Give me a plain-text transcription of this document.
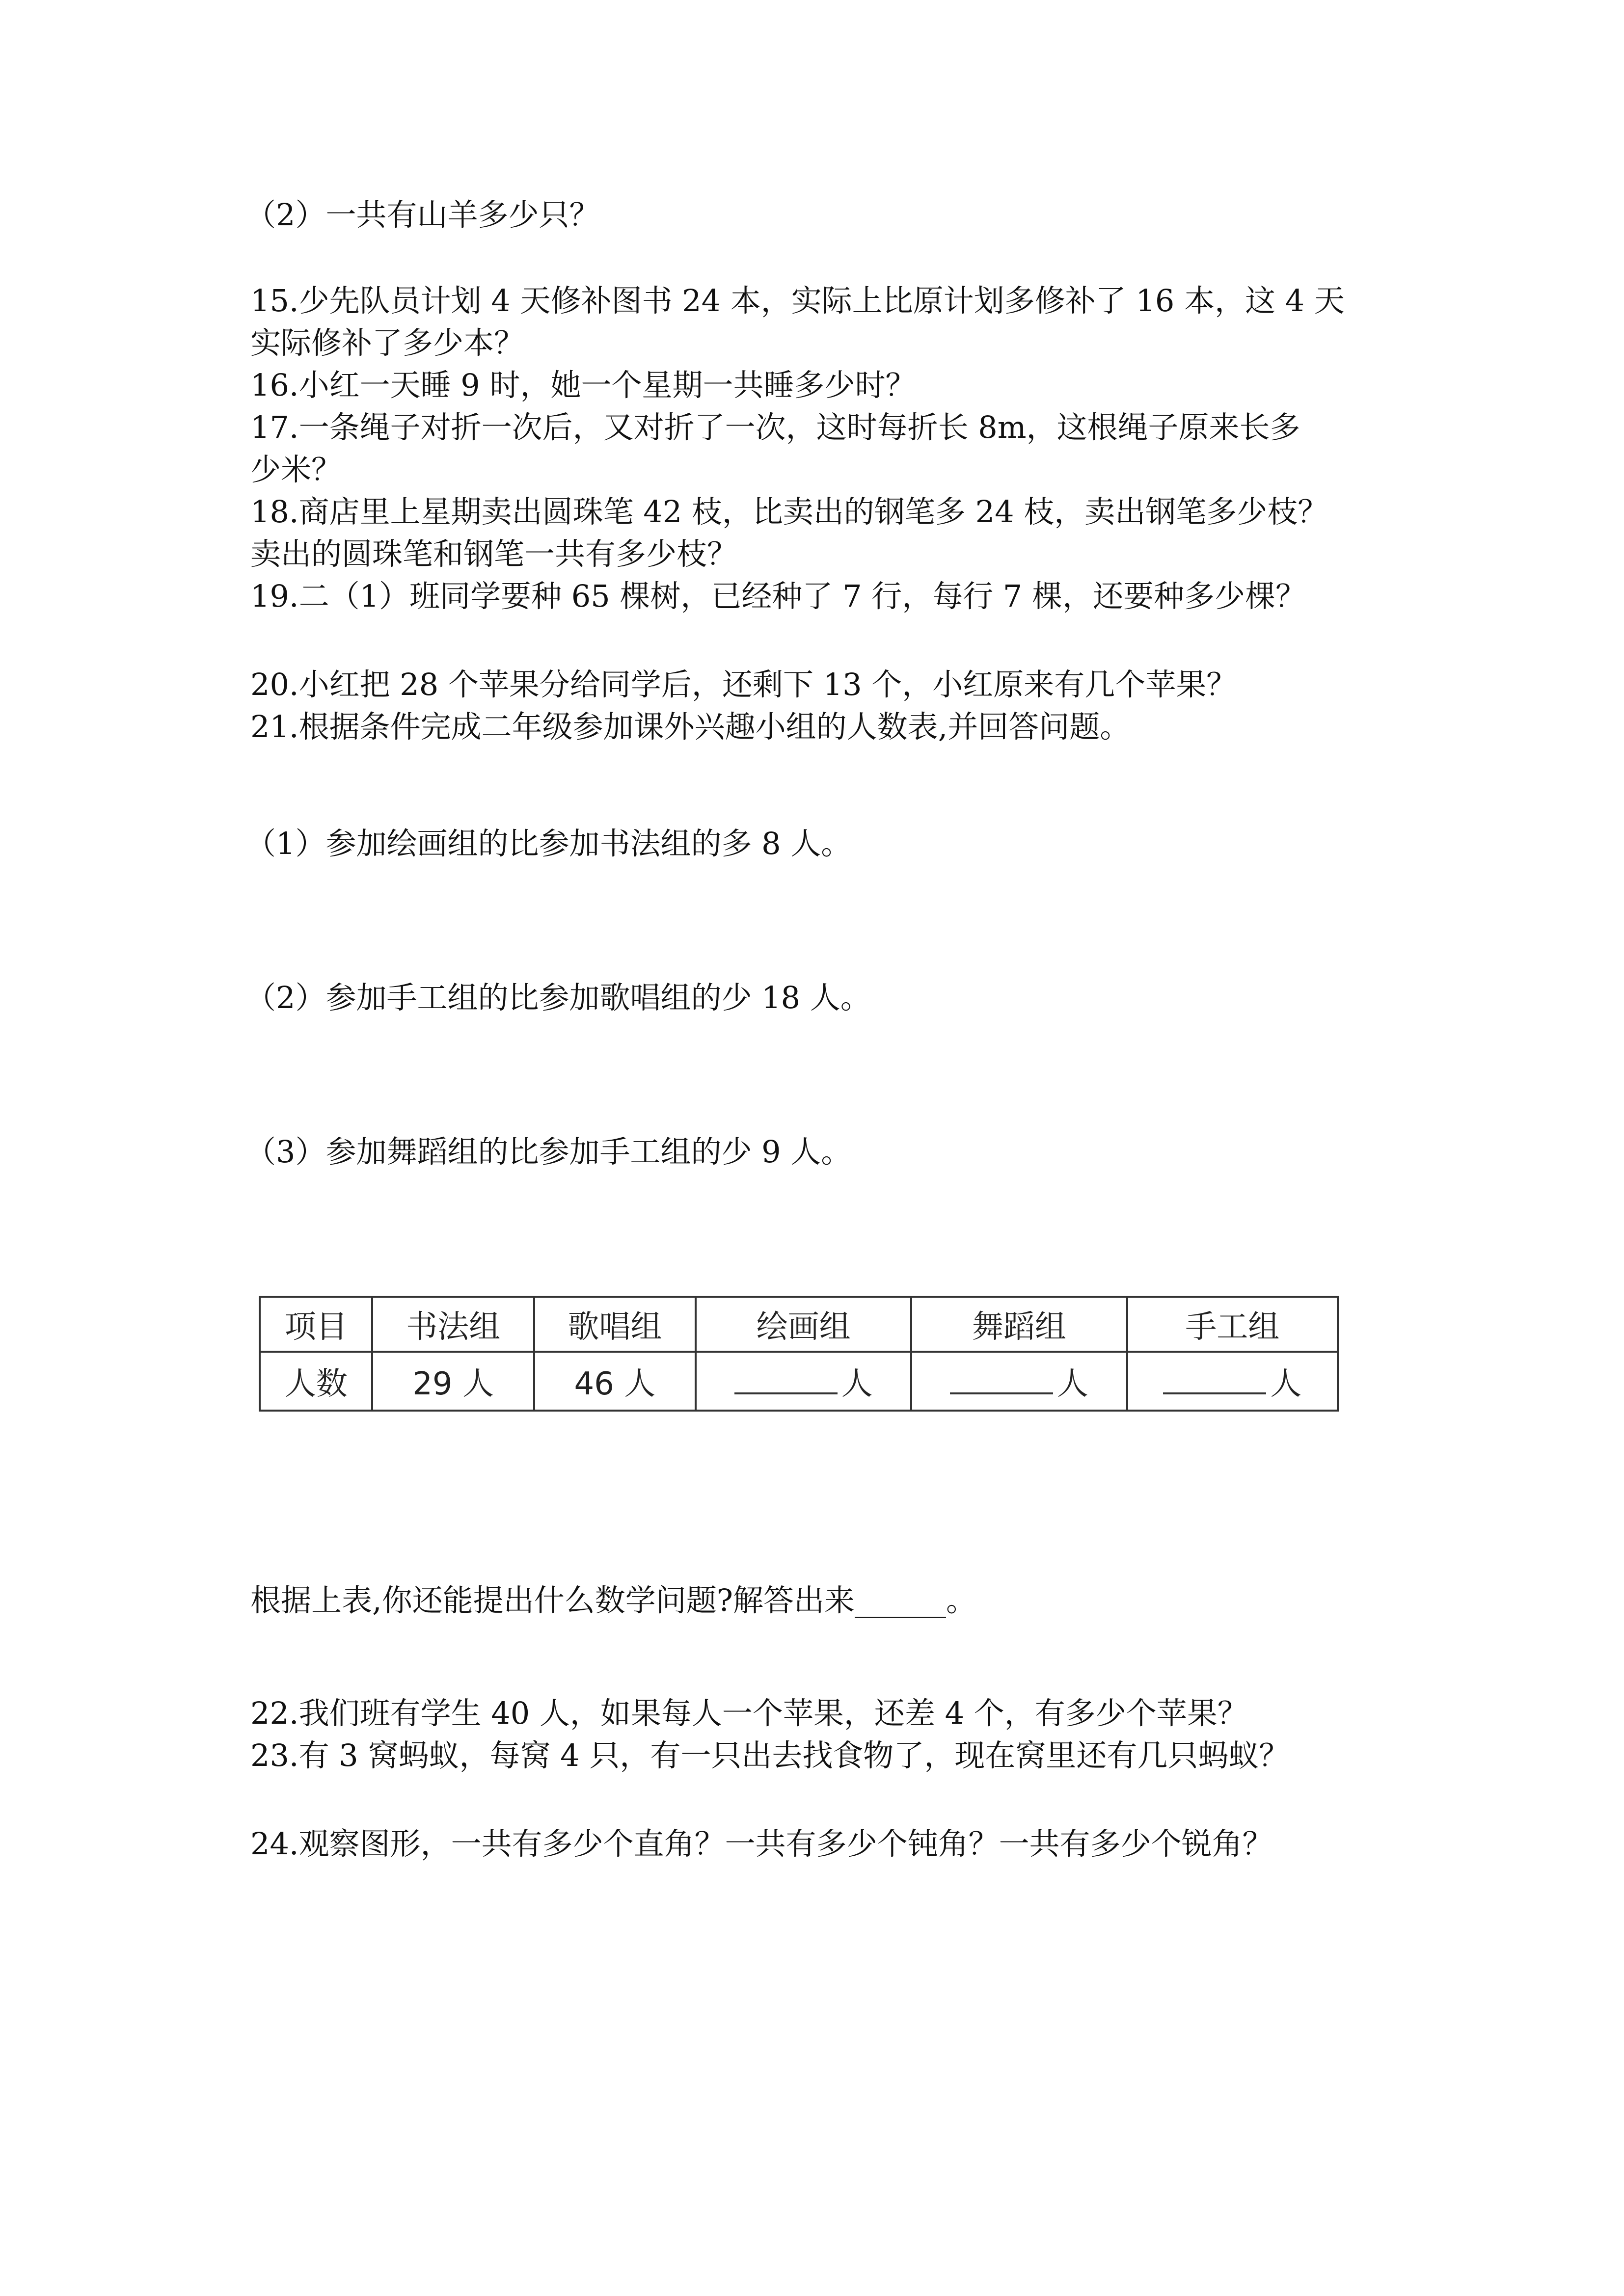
（2）一共有山羊多少只？
15.少先队员计划 4 天修补图书 24 本，实际上比原计划多修补了 16 本，这 4 天
实际修补了多少本？
16.小红一天睡 9 时，她一个星期一共睡多少时？
17.一条绳子对折一次后，又对折了一次，这时每折长 8m，这根绳子原来长多
少米？
18.商店里上星期卖出圆珠笔 42 枝，比卖出的钢笔多 24 枝，卖出钢笔多少枝？
卖出的圆珠笔和钢笔一共有多少枝？
19.二（1）班同学要种 65 棵树，已经种了 7 行，每行 7 棵，还要种多少棵？
20.小红把 28 个苹果分给同学后，还剩下 13 个，小红原来有几个苹果？
21.根据条件完成二年级参加课外兴趣小组的人数表,并回答问题。
（1）参加绘画组的比参加书法组的多 8 人。
（2）参加手工组的比参加歌唱组的少 18 人。
（3）参加舞蹈组的比参加手工组的少 9 人。
项目	书法组	歌唱组	绘画组	舞蹈组	手工组
人数	29 人	46 人	人	人	人
根据上表,你还能提出什么数学问题?解答出来______。
22.我们班有学生 40 人，如果每人一个苹果，还差 4 个，有多少个苹果？
23.有 3 窝蚂蚁，每窝 4 只，有一只出去找食物了，现在窝里还有几只蚂蚁？
24.观察图形，一共有多少个直角？一共有多少个钝角？一共有多少个锐角？
